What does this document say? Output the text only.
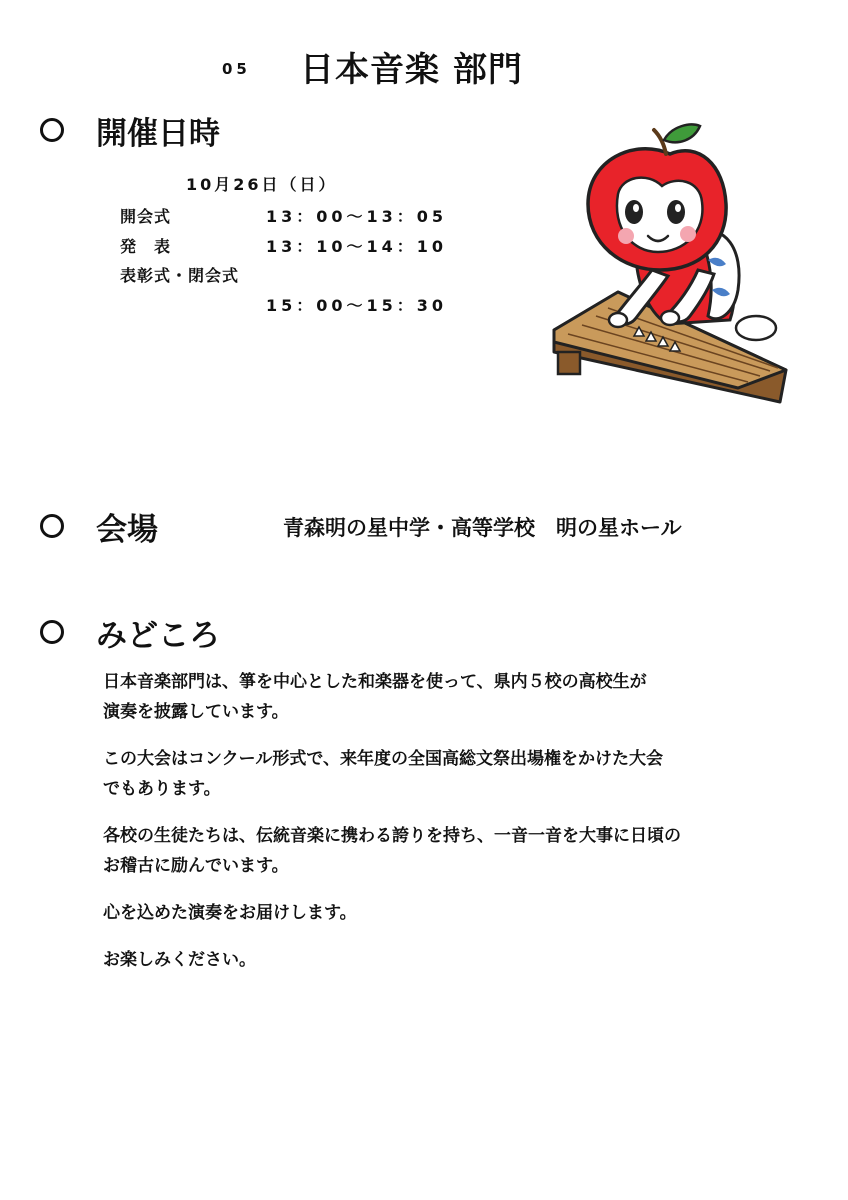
05 日本音楽 部門
開催日時
10月26日（日）
開会式	13：00～13：05
発　表	13：10～14：10
表彰式・閉会式
15：00～15：30
会場	青森明の星中学・高等学校　明の星ホール
みどころ
日本音楽部門は、箏を中心とした和楽器を使って、県内５校の高校生が
演奏を披露しています。
この大会はコンクール形式で、来年度の全国高総文祭出場権をかけた大会
でもあります。
各校の生徒たちは、伝統音楽に携わる誇りを持ち、一音一音を大事に日頃の
お稽古に励んでいます。
心を込めた演奏をお届けします。
お楽しみください。
